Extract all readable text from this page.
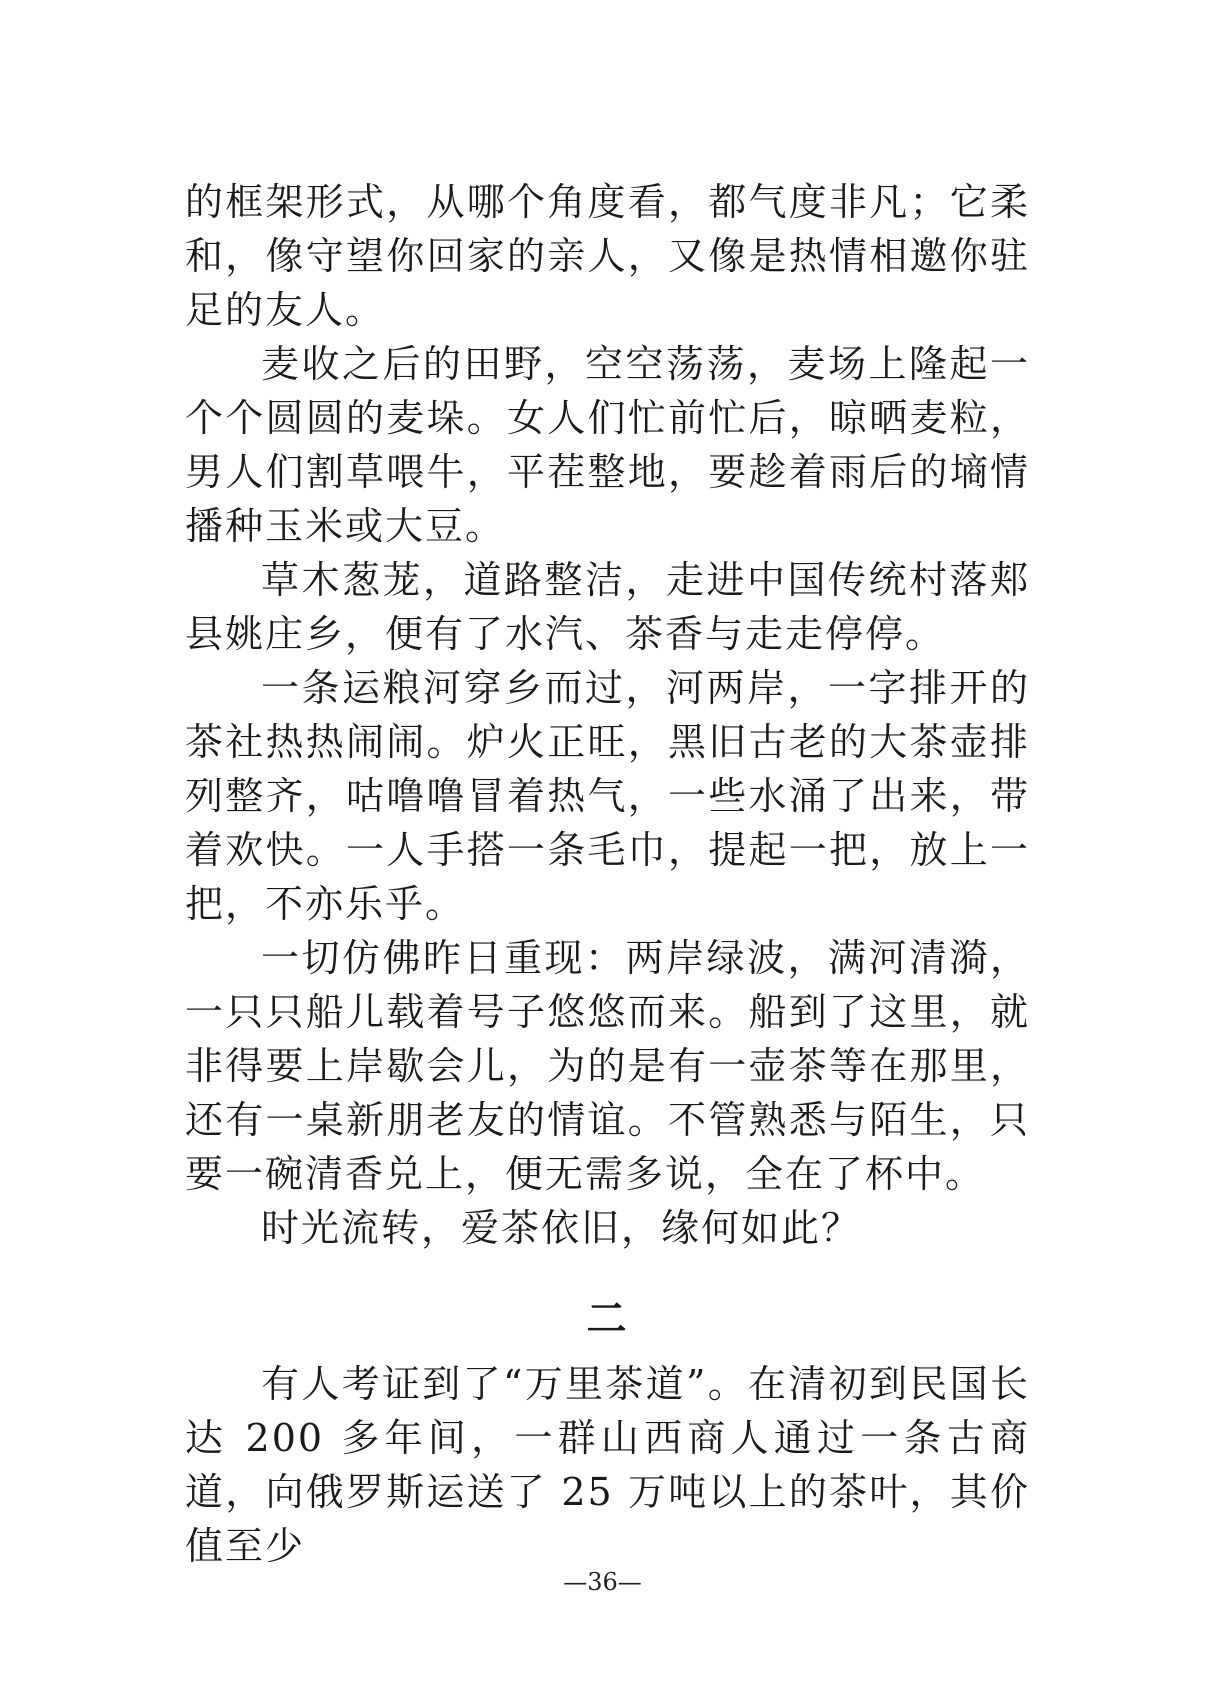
的框架形式，从哪个角度看，都气度非凡；它柔和，像守望你回家的亲人，又像是热情相邀你驻足的友人。

麦收之后的田野，空空荡荡，麦场上隆起一个个圆圆的麦垛。女人们忙前忙后，晾晒麦粒，男人们割草喂牛，平茬整地，要趁着雨后的墒情播种玉米或大豆。

草木葱茏，道路整洁，走进中国传统村落郏县姚庄乡，便有了水汽、茶香与走走停停。

一条运粮河穿乡而过，河两岸，一字排开的茶社热热闹闹。炉火正旺，黑旧古老的大茶壶排列整齐，咕噜噜冒着热气，一些水涌了出来，带着欢快。一人手搭一条毛巾，提起一把，放上一把，不亦乐乎。

一切仿佛昨日重现：两岸绿波，满河清漪，一只只船儿载着号子悠悠而来。船到了这里，就非得要上岸歇会儿，为的是有一壶茶等在那里，还有一桌新朋老友的情谊。不管熟悉与陌生，只要一碗清香兑上，便无需多说，全在了杯中。

时光流转，爱茶依旧，缘何如此？

二

有人考证到了“万里茶道”。在清初到民国长达 200 多年间，一群山西商人通过一条古商道，向俄罗斯运送了 25 万吨以上的茶叶，其价值至少

—36—
